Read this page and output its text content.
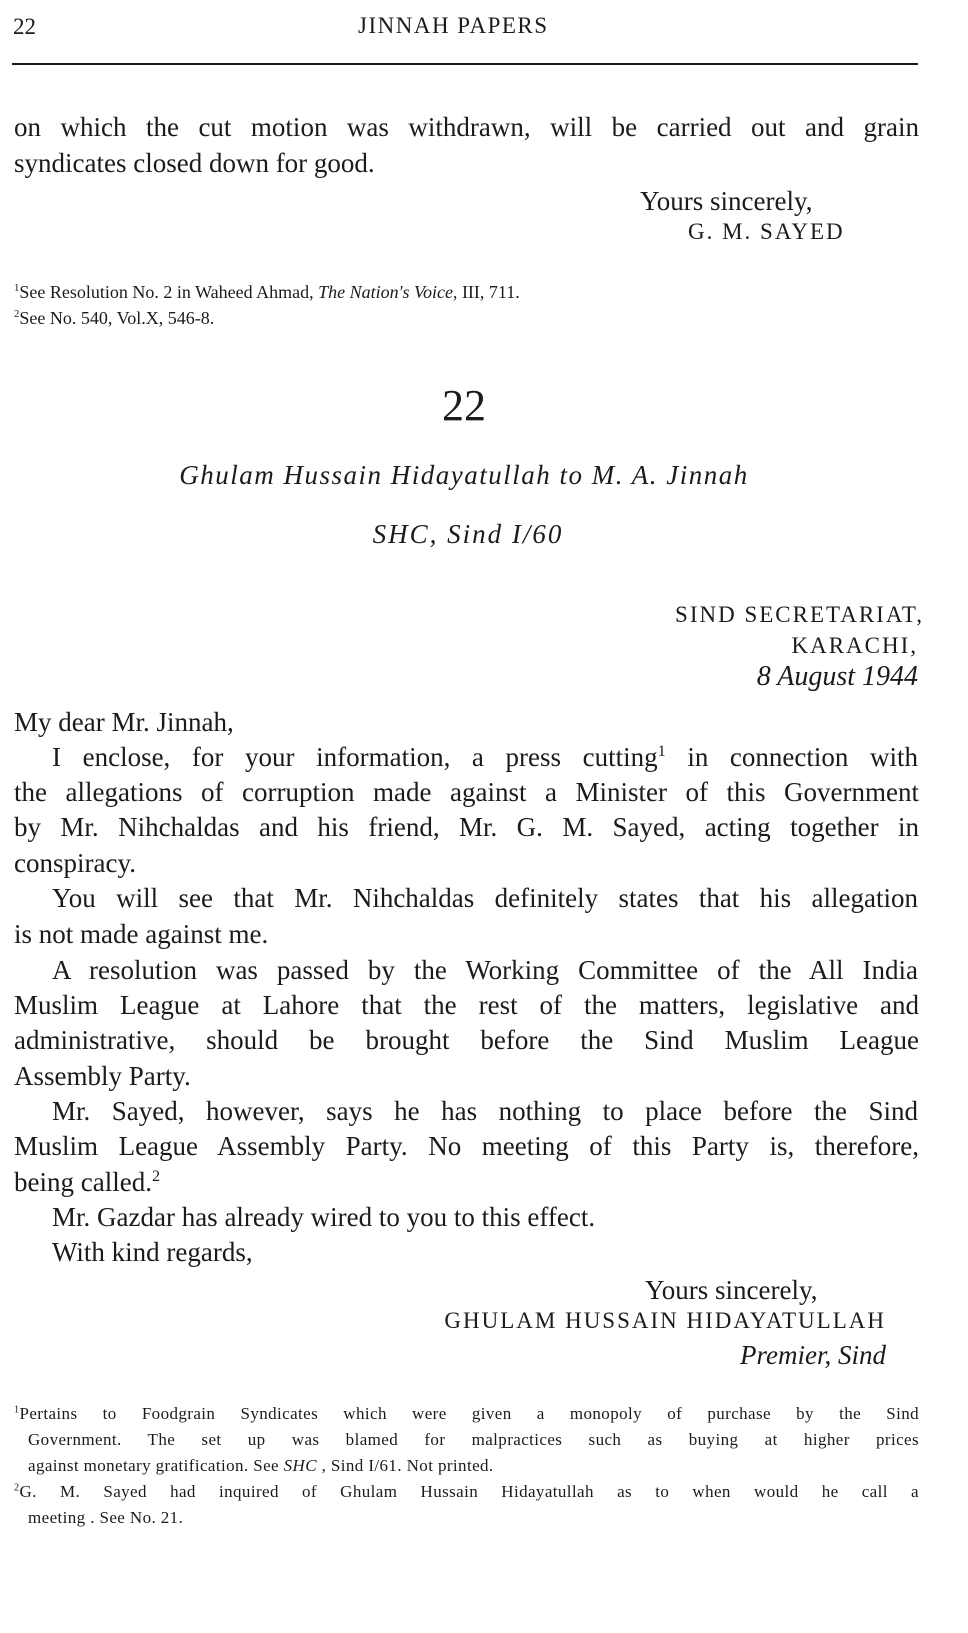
22	JINNAH PAPERS
on which the cut motion was withdrawn, will be carried out and grain
syndicates closed down for good.
Yours sincerely,
G. M. SAYED
$^1$See Resolution No. 2 in Waheed Ahmad, The Nation's Voice, III, 711.
$^2$See No. 540, Vol.X, 546-8.
22
Ghulam Hussain Hidayatullah to M. A. Jinnah
SHC, Sind I/60
SIND SECRETARIAT,
KARACHI,
8 August 1944
My dear Mr. Jinnah,
I enclose, for your information, a press cutting$^1$ in connection with
the allegations of corruption made against a Minister of this Government
by Mr. Nihchaldas and his friend, Mr. G. M. Sayed, acting together in
conspiracy.
You will see that Mr. Nihchaldas definitely states that his allegation
is not made against me.
A resolution was passed by the Working Committee of the All India
Muslim League at Lahore that the rest of the matters, legislative and
administrative, should be brought before the Sind Muslim League
Assembly Party.
Mr. Sayed, however, says he has nothing to place before the Sind
Muslim League Assembly Party. No meeting of this Party is, therefore,
being called.$^2$
Mr. Gazdar has already wired to you to this effect.
With kind regards,
Yours sincerely,
GHULAM HUSSAIN HIDAYATULLAH
Premier, Sind
$^1$Pertains to Foodgrain Syndicates which were given a monopoly of purchase by the Sind
Government. The set up was blamed for malpractices such as buying at higher prices
against monetary gratification. See SHC , Sind I/61. Not printed.
$^2$G. M. Sayed had inquired of Ghulam Hussain Hidayatullah as to when would he call a
meeting . See No. 21.
